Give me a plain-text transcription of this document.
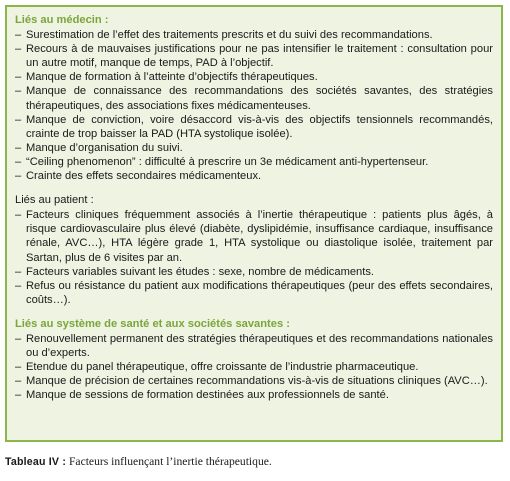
Liés au médecin :
– Surestimation de l’effet des traitements prescrits et du suivi des recommandations.
– Recours à de mauvaises justifications pour ne pas intensifier le traitement : consultation pour un autre motif, manque de temps, PAD à l’objectif.
– Manque de formation à l’atteinte d’objectifs thérapeutiques.
– Manque de connaissance des recommandations des sociétés savantes, des stratégies thérapeutiques, des associations fixes médicamenteuses.
– Manque de conviction, voire désaccord vis-à-vis des objectifs tensionnels recommandés, crainte de trop baisser la PAD (HTA systolique isolée).
– Manque d’organisation du suivi.
– “Ceiling phenomenon” : difficulté à prescrire un 3e médicament anti-hypertenseur.
– Crainte des effets secondaires médicamenteux.
Liés au patient :
– Facteurs cliniques fréquemment associés à l’inertie thérapeutique : patients plus âgés, à risque cardiovasculaire plus élevé (diabète, dyslipidémie, insuffisance cardiaque, insuffisance rénale, AVC…), HTA légère grade 1, HTA systolique ou diastolique isolée, traitement par Sartan, plus de 6 visites par an.
– Facteurs variables suivant les études : sexe, nombre de médicaments.
– Refus ou résistance du patient aux modifications thérapeutiques (peur des effets secondaires, coûts…).
Liés au système de santé et aux sociétés savantes :
– Renouvellement permanent des stratégies thérapeutiques et des recommandations nationales ou d’experts.
– Etendue du panel thérapeutique, offre croissante de l’industrie pharmaceutique.
– Manque de précision de certaines recommandations vis-à-vis de situations cliniques (AVC…).
– Manque de sessions de formation destinées aux professionnels de santé.
Tableau IV : Facteurs influençant l’inertie thérapeutique.
